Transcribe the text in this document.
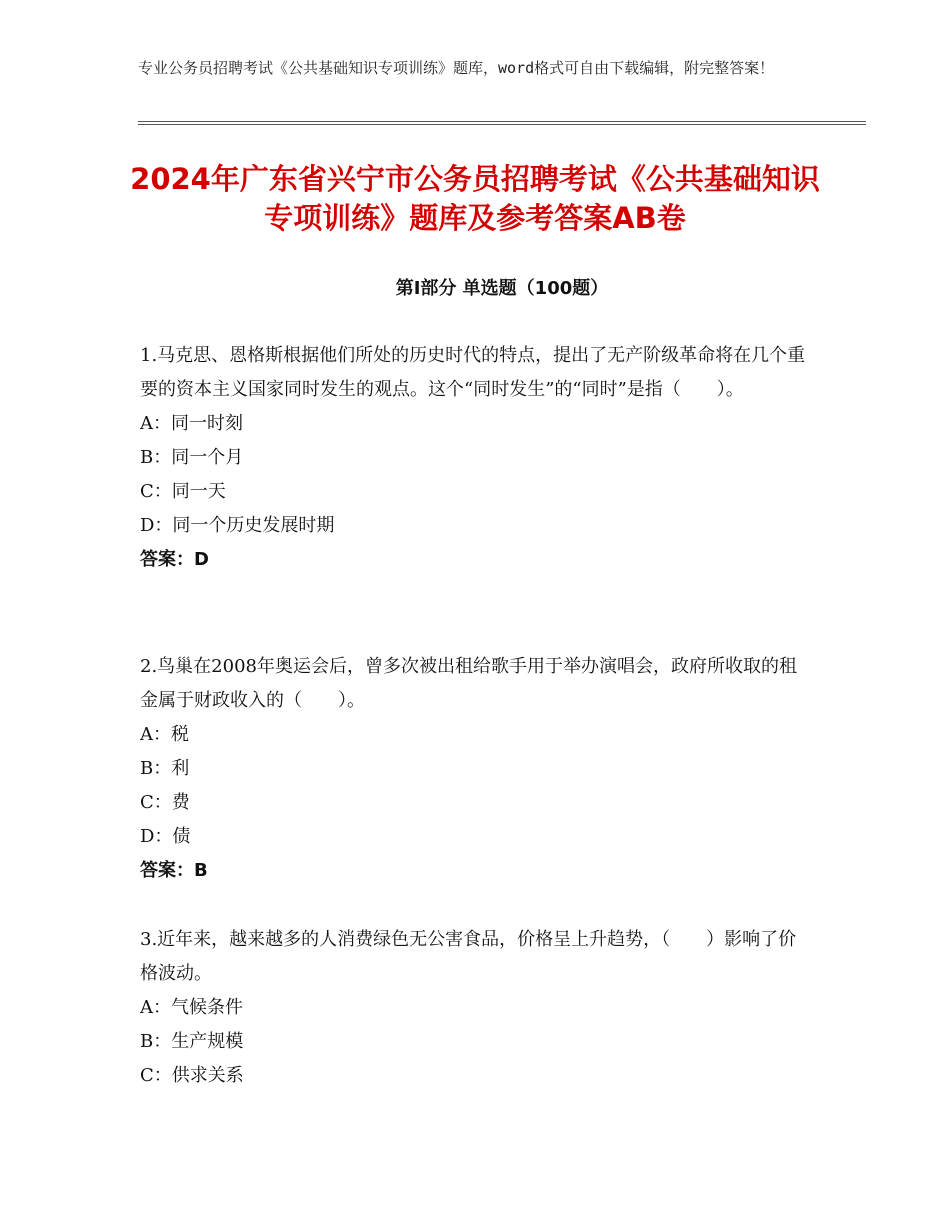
专业公务员招聘考试《公共基础知识专项训练》题库，word格式可自由下载编辑，附完整答案！
2024年广东省兴宁市公务员招聘考试《公共基础知识专项训练》题库及参考答案AB卷
第Ⅰ部分 单选题（100题）

1.马克思、恩格斯根据他们所处的历史时代的特点，提出了无产阶级革命将在几个重要的资本主义国家同时发生的观点。这个“同时发生”的“同时”是指（　　）。

A：同一时刻

B：同一个月

C：同一天

D：同一个历史发展时期

答案：D

2.鸟巢在2008年奥运会后，曾多次被出租给歌手用于举办演唱会，政府所收取的租金属于财政收入的（　　）。

A：税

B：利

C：费

D：债

答案：B

3.近年来，越来越多的人消费绿色无公害食品，价格呈上升趋势，（　　）影响了价格波动。

A：气候条件

B：生产规模

C：供求关系
